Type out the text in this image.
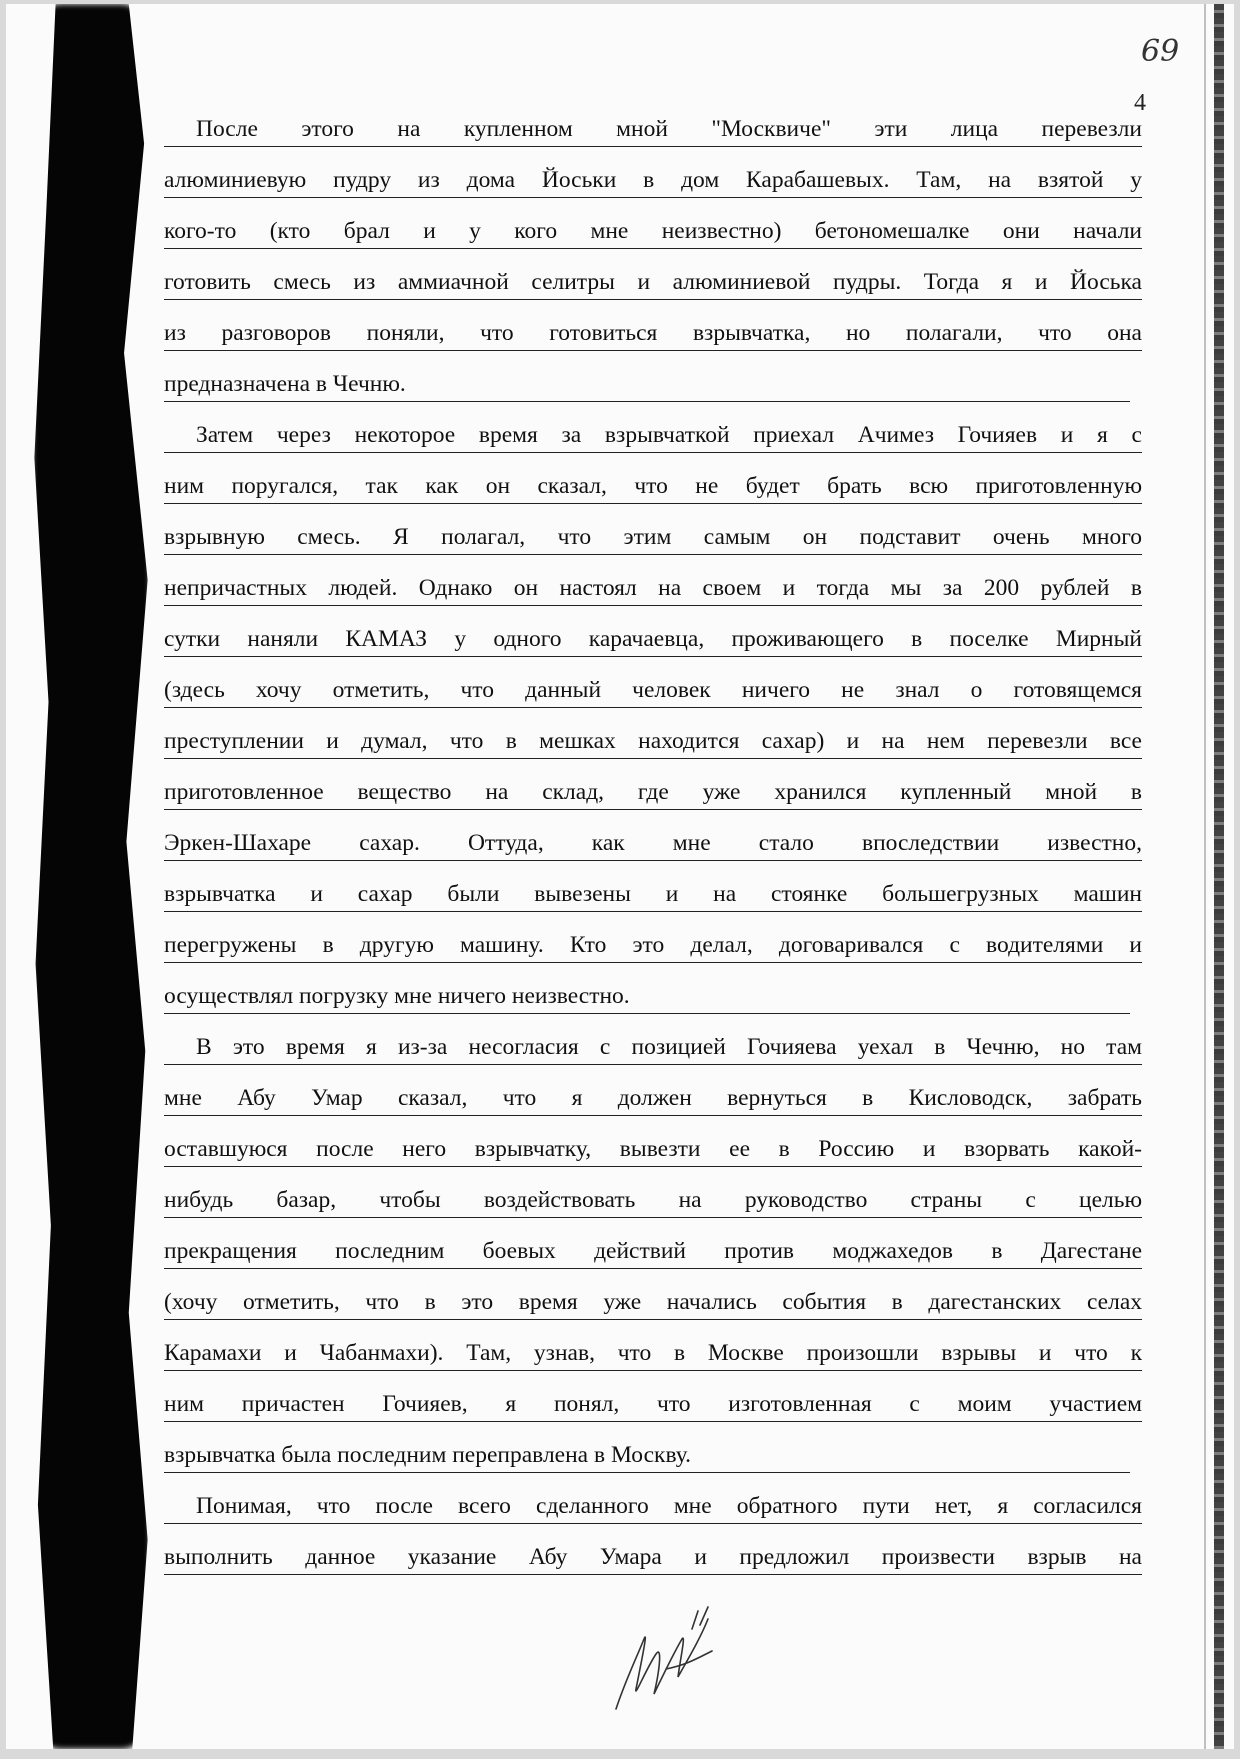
69
4
После этого на купленном мной "Москвиче" эти лица перевезли
алюминиевую пудру из дома Йоськи в дом Карабашевых. Там, на взятой у
кого-то (кто брал и у кого мне неизвестно) бетономешалке они начали
готовить смесь из аммиачной селитры и алюминиевой пудры. Тогда я и Йоська
из разговоров поняли, что готовиться взрывчатка, но полагали, что она
предназначена в Чечню.
Затем через некоторое время за взрывчаткой приехал Ачимез Гочияев и я с
ним поругался, так как он сказал, что не будет брать всю приготовленную
взрывную смесь. Я полагал, что этим самым он подставит очень много
непричастных людей. Однако он настоял на своем и тогда мы за 200 рублей в
сутки наняли КАМАЗ у одного карачаевца, проживающего в поселке Мирный
(здесь хочу отметить, что данный человек ничего не знал о готовящемся
преступлении и думал, что в мешках находится сахар) и на нем перевезли все
приготовленное вещество на склад, где уже хранился купленный мной в
Эркен-Шахаре сахар. Оттуда, как мне стало впоследствии известно,
взрывчатка и сахар были вывезены и на стоянке большегрузных машин
перегружены в другую машину. Кто это делал, договаривался с водителями и
осуществлял погрузку мне ничего неизвестно.
В это время я из-за несогласия с позицией Гочияева уехал в Чечню, но там
мне Абу Умар сказал, что я должен вернуться в Кисловодск, забрать
оставшуюся после него взрывчатку, вывезти ее в Россию и взорвать какой-
нибудь базар, чтобы воздействовать на руководство страны с целью
прекращения последним боевых действий против моджахедов в Дагестане
(хочу отметить, что в это время уже начались события в дагестанских селах
Карамахи и Чабанмахи). Там, узнав, что в Москве произошли взрывы и что к
ним причастен Гочияев, я понял, что изготовленная с моим участием
взрывчатка была последним переправлена в Москву.
Понимая, что после всего сделанного мне обратного пути нет, я согласился
выполнить данное указание Абу Умара и предложил произвести взрыв на
